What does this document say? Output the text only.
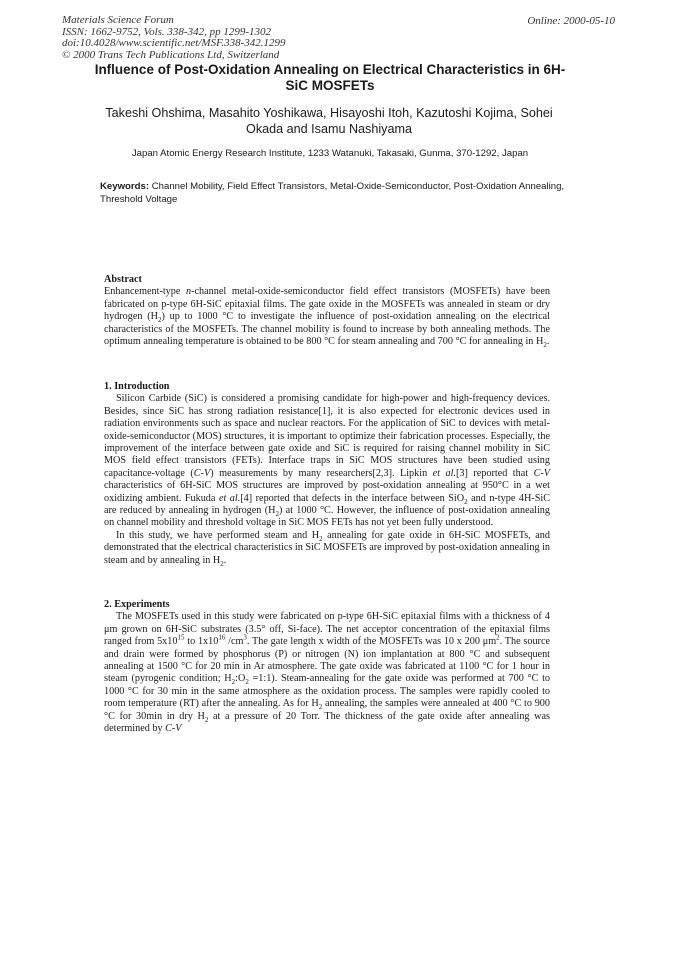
Materials Science Forum
ISSN: 1662-9752, Vols. 338-342, pp 1299-1302
doi:10.4028/www.scientific.net/MSF.338-342.1299
© 2000 Trans Tech Publications Ltd, Switzerland
Online: 2000-05-10
Influence of Post-Oxidation Annealing on Electrical Characteristics in 6H-SiC MOSFETs
Takeshi Ohshima, Masahito Yoshikawa, Hisayoshi Itoh, Kazutoshi Kojima, Sohei Okada and Isamu Nashiyama
Japan Atomic Energy Research Institute, 1233 Watanuki, Takasaki, Gunma, 370-1292, Japan
Keywords: Channel Mobility, Field Effect Transistors, Metal-Oxide-Semiconductor, Post-Oxidation Annealing, Threshold Voltage

Abstract

Enhancement-type n-channel metal-oxide-semiconductor field effect transistors (MOSFETs) have been fabricated on p-type 6H-SiC epitaxial films. The gate oxide in the MOSFETs was annealed in steam or dry hydrogen $(H_2)$ up to 1000 °C to investigate the influence of post-oxidation annealing on the electrical characteristics of the MOSFETs. The channel mobility is found to increase by both annealing methods. The optimum annealing temperature is obtained to be 800 °C for steam annealing and 700 °C for annealing in $H_2$.

1. Introduction

Silicon Carbide (SiC) is considered a promising candidate for high-power and high-frequency devices. Besides, since SiC has strong radiation resistance[1], it is also expected for electronic devices used in radiation environments such as space and nuclear reactors. For the application of SiC to devices with metal-oxide-semiconductor (MOS) structures, it is important to optimize their fabrication processes. Especially, the improvement of the interface between gate oxide and SiC is required for raising channel mobility in SiC MOS field effect transistors (FETs). Interface traps in SiC MOS structures have been studied using capacitance-voltage (C-V) measurements by many researchers[2,3]. Lipkin et al.[3] reported that C-V characteristics of 6H-SiC MOS structures are improved by post-oxidation annealing at 950°C in a wet oxidizing ambient. Fukuda et al.[4] reported that defects in the interface between SiO$_2$ and n-type 4H-SiC are reduced by annealing in hydrogen $(H_2)$ at 1000 °C. However, the influence of post-oxidation annealing on channel mobility and threshold voltage in SiC MOS FETs has not yet been fully understood.

In this study, we have performed steam and $H_2$ annealing for gate oxide in 6H-SiC MOSFETs, and demonstrated that the electrical characteristics in SiC MOSFETs are improved by post-oxidation annealing in steam and by annealing in $H_2$.

2. Experiments

The MOSFETs used in this study were fabricated on p-type 6H-SiC epitaxial films with a thickness of 4 μm grown on 6H-SiC substrates (3.5° off, Si-face). The net acceptor concentration of the epitaxial films ranged from $5x10^{15}$ to $1x10^{16}$ $/cm^3$. The gate length x width of the MOSFETs was 10 x 200 $\mu m^2$. The source and drain were formed by phosphorus (P) or nitrogen (N) ion implantation at 800 °C and subsequent annealing at 1500 °C for 20 min in Ar atmosphere. The gate oxide was fabricated at 1100 °C for 1 hour in steam (pyrogenic condition; $H_2:O_2$ =1:1). Steam-annealing for the gate oxide was performed at 700 °C to 1000 °C for 30 min in the same atmosphere as the oxidation process. The samples were rapidly cooled to room temperature (RT) after the annealing. As for $H_2$ annealing, the samples were annealed at 400 °C to 900 °C for 30min in dry $H_2$ at a pressure of 20 Torr. The thickness of the gate oxide after annealing was determined by C-V
